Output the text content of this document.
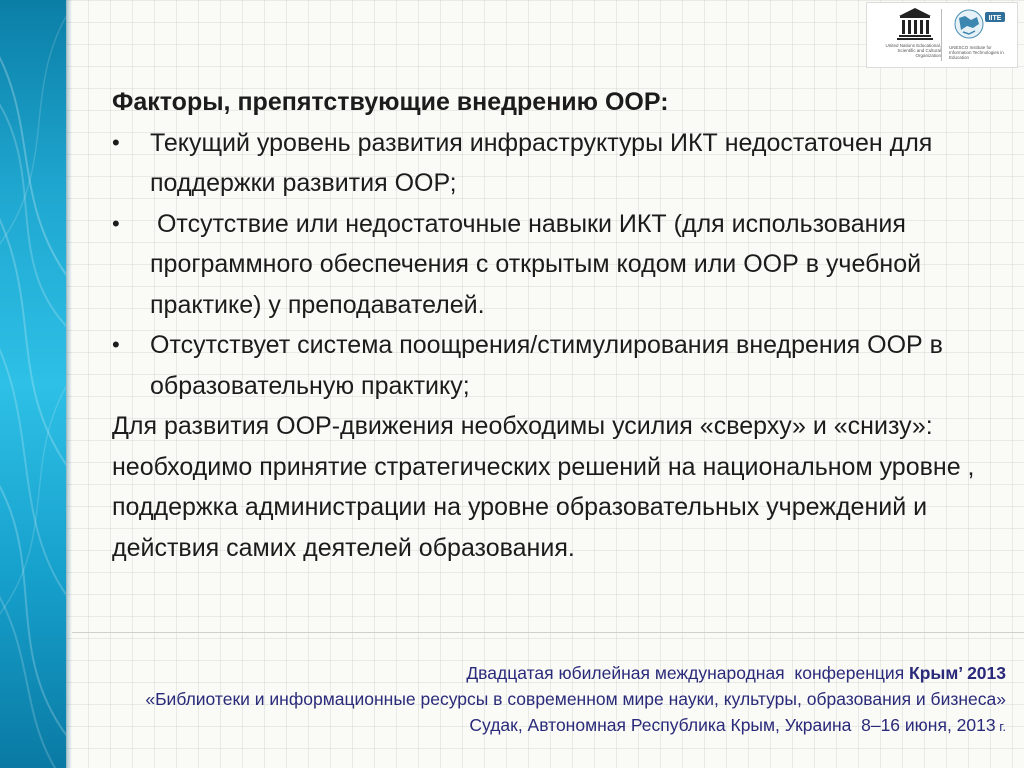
United Nations Educational, Scientific and Cultural Organization
IITE
UNESCO Institute for Information Technologies in Education

Факторы, препятствующие внедрению ООР:

• Текущий уровень развития инфраструктуры ИКТ недостаточен для поддержки развития ООР;
• Отсутствие или недостаточные навыки ИКТ (для использования программного обеспечения с открытым кодом или ООР в учебной практике) у преподавателей.
• Отсутствует система поощрения/стимулирования внедрения ООР в образовательную практику;

Для развития ООР-движения необходимы усилия «сверху» и «снизу»: необходимо принятие стратегических решений на национальном уровне , поддержка администрации на уровне образовательных учреждений и действия самих деятелей образования.

Двадцатая юбилейная международная  конференция Крым’ 2013
«Библиотеки и информационные ресурсы в современном мире науки, культуры, образования и бизнеса»
Судак, Автономная Республика Крым, Украина  8–16 июня, 2013 г.
